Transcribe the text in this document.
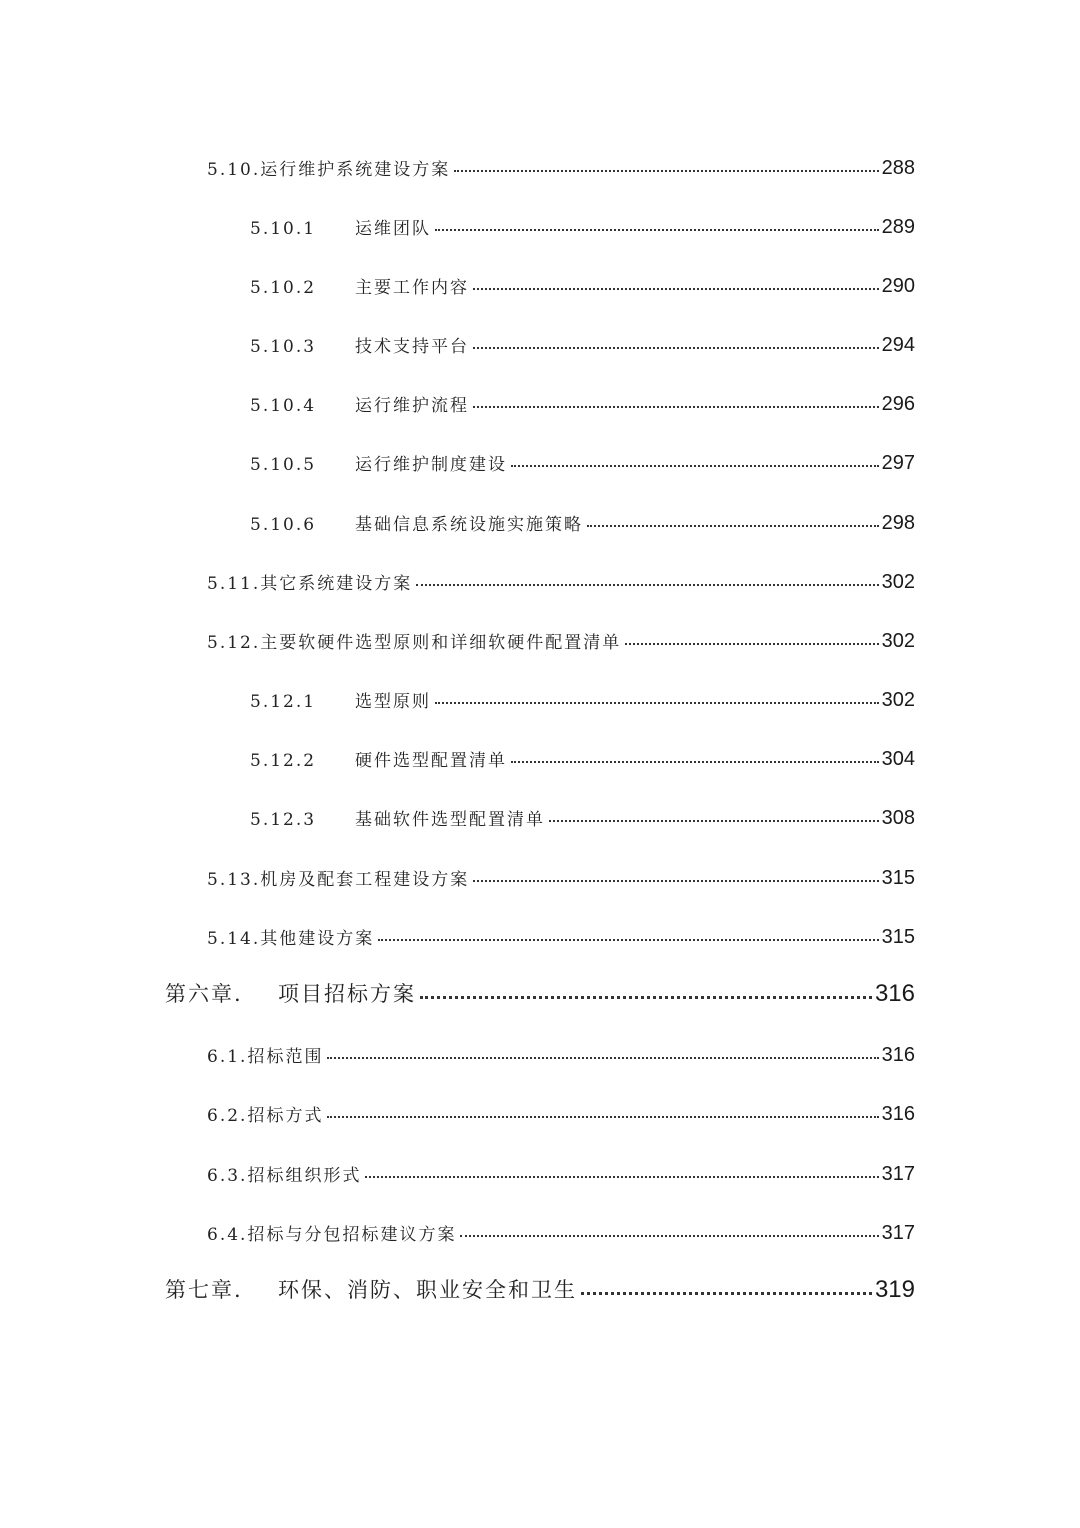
5.10. 运行维护系统建设方案	288
5.10.1	运维团队	289
5.10.2	主要工作内容	290
5.10.3	技术支持平台	294
5.10.4	运行维护流程	296
5.10.5	运行维护制度建设	297
5.10.6	基础信息系统设施实施策略	298
5.11. 其它系统建设方案	302
5.12. 主要软硬件选型原则和详细软硬件配置清单	302
5.12.1	选型原则	302
5.12.2	硬件选型配置清单	304
5.12.3	基础软件选型配置清单	308
5.13. 机房及配套工程建设方案	315
5.14. 其他建设方案	315
第六章.	项目招标方案	316
6.1. 招标范围	316
6.2. 招标方式	316
6.3. 招标组织形式	317
6.4. 招标与分包招标建议方案	317
第七章.	环保、消防、职业安全和卫生	319
